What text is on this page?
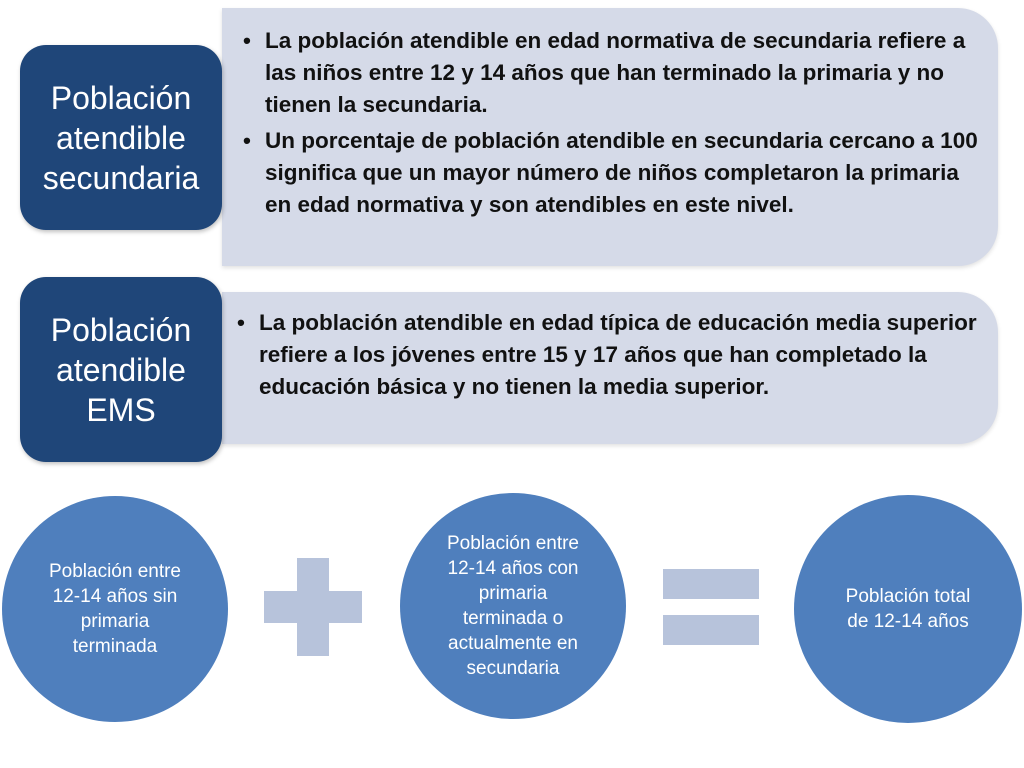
• La población atendible en edad normativa de secundaria refiere a las niños entre 12 y 14 años que han terminado la primaria y no tienen la secundaria.
• Un porcentaje de población atendible en secundaria cercano a 100 significa que un mayor número de niños completaron la primaria en edad normativa y son atendibles en este nivel.
Población
atendible
secundaria
• La población atendible en edad típica de educación media superior refiere a los jóvenes entre 15 y 17 años que han completado la educación básica y no tienen la media superior.
Población
atendible
EMS
Población entre 12-14 años sin primaria terminada
Población entre 12-14 años con primaria terminada o actualmente en secundaria
Población total de 12-14 años
